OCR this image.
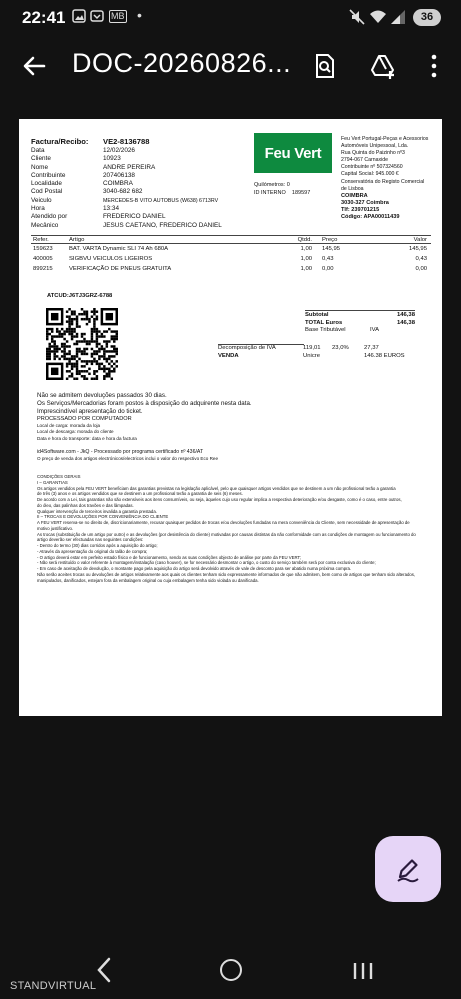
22:41	MB •	36
DOC-20260826...
Factura/Recibo:	VE2-8136788
Data	12/02/2026
Cliente	10923
Nome	ANDRE PEREIRA
Contribuinte	207406138
Localidade	COIMBRA
Cod Postal	3040-682 682
Veiculo	MERCEDES-B VITO AUTOBUS (W638) 6713RV
Hora	13:34
Atendido por	FREDERICO DANIEL
Mecânico	JESUS CAETANO, FREDERICO DANIEL
Feu Vert
Feu Vert Portugal-Peças e Acessorios
Automóveis Unipessoal, Lda.
Rua Quinta do Paizinho nº3
2794-067 Carnaxide
Contribuinte nº 507324560
Capital Social: 945.000 €
Conservatória do Registo Comercial
de Lisboa
COIMBRA
3030-327 Coimbra
Tlf: 239701215
Código: APA00011439
Quilómetros: 0
ID INTERNO 189597
Refer.	Artigo	Qtdd.	Preço	Valor
159623	BAT. VARTA Dynamic SLI 74 Ah 680A	1,00	145,95	145,95
400005	SIGBVU VEICULOS LIGEIROS	1,00	0,43	0,43
899215	VERIFICAÇÃO DE PNEUS GRATUITA	1,00	0,00	0,00
ATCUD:J6TJ3GRZ-6788
Subtotal	146,38
TOTAL Euros	146,38
Base Tributável	IVA
Decomposição de IVA	119,01	23,0%	27,37
VENDA	Unicre	146.38 EUROS
Não se admitem devoluções passados 30 dias.
Os Serviços/Mercadorias foram postos à disposição do adquirente nesta data.
Imprescindível apresentação do ticket.
PROCESSADO POR COMPUTADOR
Local de carga: morada da loja
Local de descarga: morada do cliente
Data e hora do transporte: data e hora da factura
id4Software.com - JkQ - Processado por programa certificado nº 436/AT
O preço de venda dos artigos electrónicos/electricos inclui o valor do respectivo Eco Ree
CONDIÇÕES GERAIS
I – GARANTIAS
Os artigos vendidos pela FEU VERT beneficiam das garantias previstas na legislação aplicável, pelo que quaisquer artigos vendidos que se destinem a um não profissional terão a garantia
de três (3) anos e os artigos vendidos que se destinem a um profissional terão a garantia de seis (6) meses.
De acordo com a Lei, tais garantias não são extensíveis aos itens consumíveis, ou seja, àqueles cujo uso regular implica a respectiva deterioração e/ou desgaste, como é o caso, entre outros,
do óleo, das palinhas dos travões e das lâmpadas.
Qualquer intervenção de terceiros invalida a garantia prestada.
II – TROCAS E DEVOLUÇÕES POR CONVENIÊNCIA DO CLIENTE
A FEU VERT reserva-se no direito de, discricionariamente, recusar quaisquer pedidos de trocas e/ou devoluções fundadas na mera conveniência do Cliente, sem necessidade de apresentação de
motivo justificativo.
As trocas (substituição de um artigo por outro) e as devoluções (por desistência do cliente) motivadas por causas distintas da não conformidade com as condições de montagem ou funcionamento do
artigo deverão ser efectuadas nas seguintes condições:
- Dentro do termo (30) dias corridos após a aquisição do artigo;
- Através da apresentação do original do talão de compra;
- O artigo deverá estar em perfeito estado físico e de funcionamento, sendo as suas condições objecto de análise por parte da FEU VERT;
- Não será restituído o valor referente à montagem/instalação (caso houver), se for necessário desmontar o artigo, o custo do serviço também será por conta exclusiva do cliente;
- Em caso de aceitação de devolução, o montante pago pela aquisição do artigo será devolvido através de vale de desconto para ser abatido numa próxima compra.
Não serão aceites trocas ou devoluções de artigos relativamente aos quais os clientes tenham sido expressamente informados de que não admitem, bem como de artigos que tenham sido alterados,
manipulados, danificados, estejam fora da embalagem original ou cuja embalagem tenha sido violada ou danificada.
STANDVIRTUAL
